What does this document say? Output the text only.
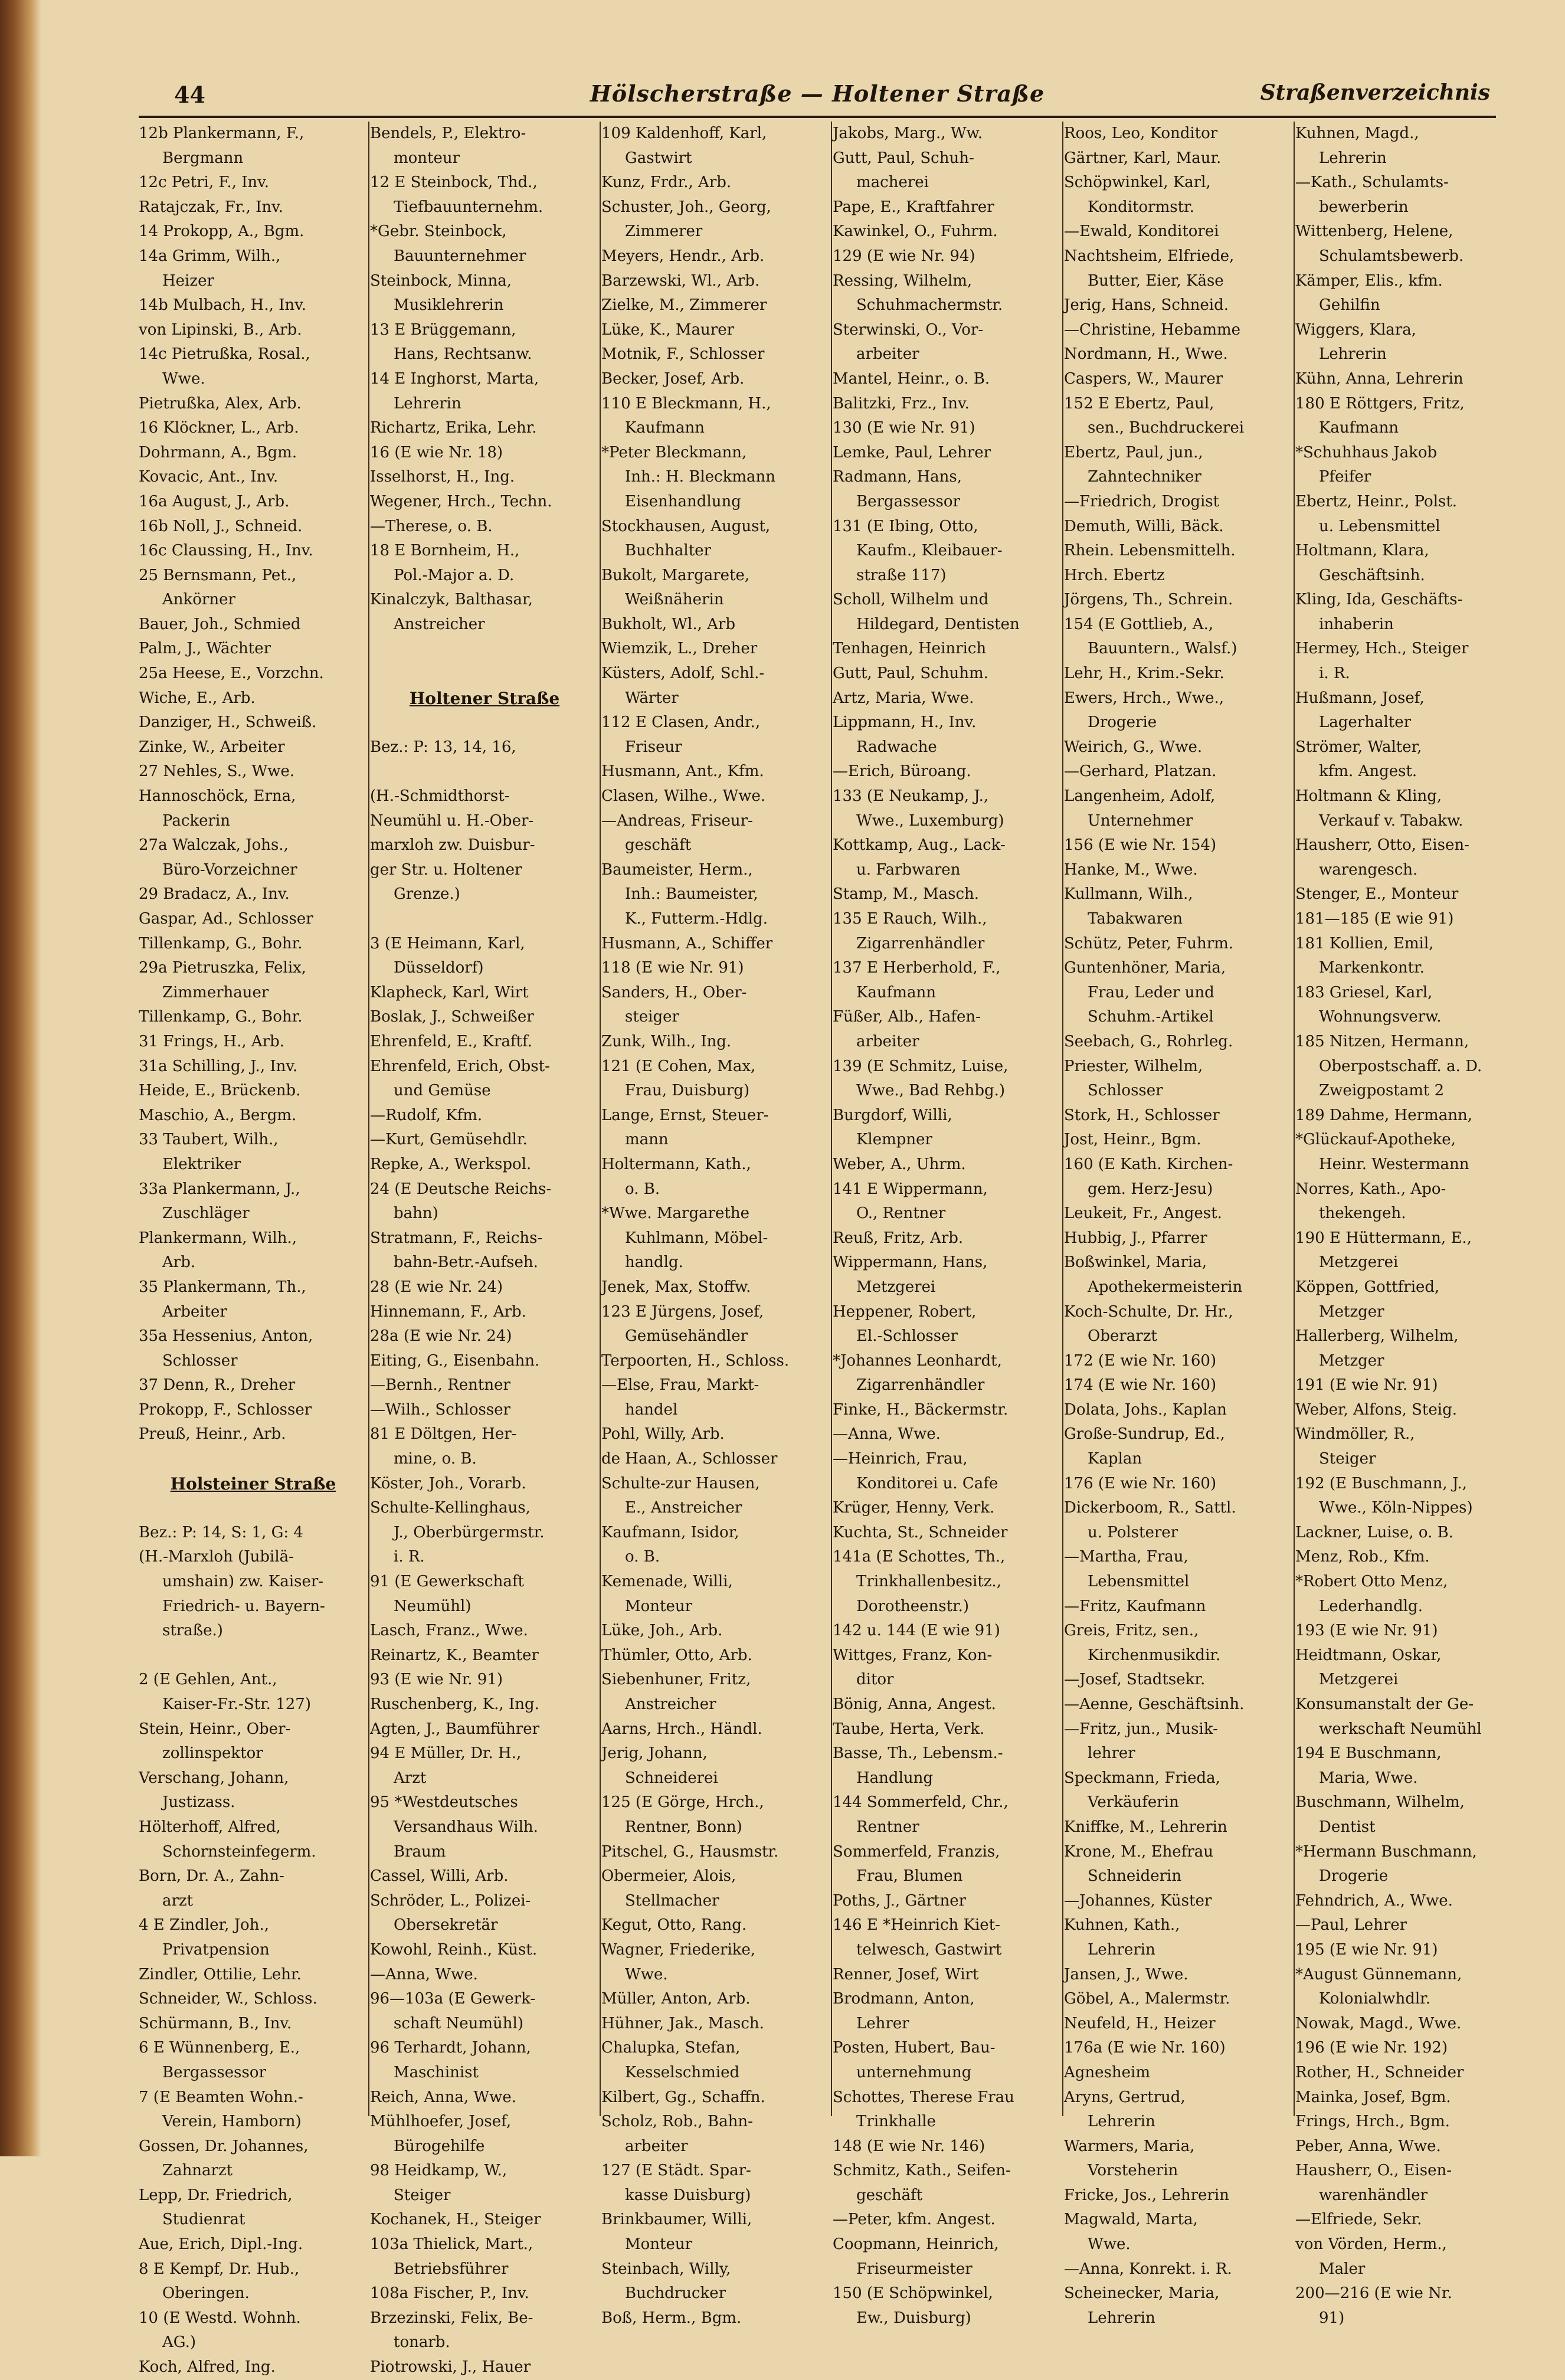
44	Hölscherstraße — Holtener Straße	Straßenverzeichnis
12b Plankermann, F.,
Bergmann
12c Petri, F., Inv.
Ratajczak, Fr., Inv.
14 Prokopp, A., Bgm.
14a Grimm, Wilh.,
Heizer
14b Mulbach, H., Inv.
von Lipinski, B., Arb.
14c Pietrußka, Rosal.,
Wwe.
Pietrußka, Alex, Arb.
16 Klöckner, L., Arb.
Dohrmann, A., Bgm.
Kovacic, Ant., Inv.
16a August, J., Arb.
16b Noll, J., Schneid.
16c Claussing, H., Inv.
25 Bernsmann, Pet.,
Ankörner
Bauer, Joh., Schmied
Palm, J., Wächter
25a Heese, E., Vorzchn.
Wiche, E., Arb.
Danziger, H., Schweiß.
Zinke, W., Arbeiter
27 Nehles, S., Wwe.
Hannoschöck, Erna,
Packerin
27a Walczak, Johs.,
Büro-Vorzeichner
29 Bradacz, A., Inv.
Gaspar, Ad., Schlosser
Tillenkamp, G., Bohr.
29a Pietruszka, Felix,
Zimmerhauer
Tillenkamp, G., Bohr.
31 Frings, H., Arb.
31a Schilling, J., Inv.
Heide, E., Brückenb.
Maschio, A., Bergm.
33 Taubert, Wilh.,
Elektriker
33a Plankermann, J.,
Zuschläger
Plankermann, Wilh.,
Arb.
35 Plankermann, Th.,
Arbeiter
35a Hessenius, Anton,
Schlosser
37 Denn, R., Dreher
Prokopp, F., Schlosser
Preuß, Heinr., Arb.

Holsteiner Straße

Bez.: P: 14, S: 1, G: 4
(H.-Marxloh (Jubilä-
umshain) zw. Kaiser-
Friedrich- u. Bayern-
straße.)

2 (E Gehlen, Ant.,
Kaiser-Fr.-Str. 127)
Stein, Heinr., Ober-
zollinspektor
Verschang, Johann,
Justizass.
Hölterhoff, Alfred,
Schornsteinfegerm.
Born, Dr. A., Zahn-
arzt
4 E Zindler, Joh.,
Privatpension
Zindler, Ottilie, Lehr.
Schneider, W., Schloss.
Schürmann, B., Inv.
6 E Wünnenberg, E.,
Bergassessor
7 (E Beamten Wohn.-
Verein, Hamborn)
Gossen, Dr. Johannes,
Zahnarzt
Lepp, Dr. Friedrich,
Studienrat
Aue, Erich, Dipl.-Ing.
8 E Kempf, Dr. Hub.,
Oberingen.
10 (E Westd. Wohnh.
AG.)
Koch, Alfred, Ing.
Bendels, P., Elektro-
monteur
12 E Steinbock, Thd.,
Tiefbauunternehm.
*Gebr. Steinbock,
Bauunternehmer
Steinbock, Minna,
Musiklehrerin
13 E Brüggemann,
Hans, Rechtsanw.
14 E Inghorst, Marta,
Lehrerin
Richartz, Erika, Lehr.
16 (E wie Nr. 18)
Isselhorst, H., Ing.
Wegener, Hrch., Techn.
—Therese, o. B.
18 E Bornheim, H.,
Pol.-Major a. D.
Kinalczyk, Balthasar,
Anstreicher

Holtener Straße

Bez.: P: 13, 14, 16,

(H.-Schmidthorst-
Neumühl u. H.-Ober-
marxloh zw. Duisbur-
ger Str. u. Holtener
Grenze.)

3 (E Heimann, Karl,
Düsseldorf)
Klapheck, Karl, Wirt
Boslak, J., Schweißer
Ehrenfeld, E., Kraftf.
Ehrenfeld, Erich, Obst-
und Gemüse
—Rudolf, Kfm.
—Kurt, Gemüsehdlr.
Repke, A., Werkspol.
24 (E Deutsche Reichs-
bahn)
Stratmann, F., Reichs-
bahn-Betr.-Aufseh.
28 (E wie Nr. 24)
Hinnemann, F., Arb.
28a (E wie Nr. 24)
Eiting, G., Eisenbahn.
—Bernh., Rentner
—Wilh., Schlosser
81 E Döltgen, Her-
mine, o. B.
Köster, Joh., Vorarb.
Schulte-Kellinghaus,
J., Oberbürgermstr.
i. R.
91 (E Gewerkschaft
Neumühl)
Lasch, Franz., Wwe.
Reinartz, K., Beamter
93 (E wie Nr. 91)
Ruschenberg, K., Ing.
Agten, J., Baumführer
94 E Müller, Dr. H.,
Arzt
95 *Westdeutsches
Versandhaus Wilh.
Braum
Cassel, Willi, Arb.
Schröder, L., Polizei-
Obersekretär
Kowohl, Reinh., Küst.
—Anna, Wwe.
96—103a (E Gewerk-
schaft Neumühl)
96 Terhardt, Johann,
Maschinist
Reich, Anna, Wwe.
Mühlhoefer, Josef,
Bürogehilfe
98 Heidkamp, W.,
Steiger
Kochanek, H., Steiger
103a Thielick, Mart.,
Betriebsführer
108a Fischer, P., Inv.
Brzezinski, Felix, Be-
tonarb.
Piotrowski, J., Hauer
109 Kaldenhoff, Karl,
Gastwirt
Kunz, Frdr., Arb.
Schuster, Joh., Georg,
Zimmerer
Meyers, Hendr., Arb.
Barzewski, Wl., Arb.
Zielke, M., Zimmerer
Lüke, K., Maurer
Motnik, F., Schlosser
Becker, Josef, Arb.
110 E Bleckmann, H.,
Kaufmann
*Peter Bleckmann,
Inh.: H. Bleckmann
Eisenhandlung
Stockhausen, August,
Buchhalter
Bukolt, Margarete,
Weißnäherin
Bukholt, Wl., Arb
Wiemzik, L., Dreher
Küsters, Adolf, Schl.-
Wärter
112 E Clasen, Andr.,
Friseur
Husmann, Ant., Kfm.
Clasen, Wilhe., Wwe.
—Andreas, Friseur-
geschäft
Baumeister, Herm.,
Inh.: Baumeister,
K., Futterm.-Hdlg.
Husmann, A., Schiffer
118 (E wie Nr. 91)
Sanders, H., Ober-
steiger
Zunk, Wilh., Ing.
121 (E Cohen, Max,
Frau, Duisburg)
Lange, Ernst, Steuer-
mann
Holtermann, Kath.,
o. B.
*Wwe. Margarethe
Kuhlmann, Möbel-
handlg.
Jenek, Max, Stoffw.
123 E Jürgens, Josef,
Gemüsehändler
Terpoorten, H., Schloss.
—Else, Frau, Markt-
handel
Pohl, Willy, Arb.
de Haan, A., Schlosser
Schulte-zur Hausen,
E., Anstreicher
Kaufmann, Isidor,
o. B.
Kemenade, Willi,
Monteur
Lüke, Joh., Arb.
Thümler, Otto, Arb.
Siebenhuner, Fritz,
Anstreicher
Aarns, Hrch., Händl.
Jerig, Johann,
Schneiderei
125 (E Görge, Hrch.,
Rentner, Bonn)
Pitschel, G., Hausmstr.
Obermeier, Alois,
Stellmacher
Kegut, Otto, Rang.
Wagner, Friederike,
Wwe.
Müller, Anton, Arb.
Hühner, Jak., Masch.
Chalupka, Stefan,
Kesselschmied
Kilbert, Gg., Schaffn.
Scholz, Rob., Bahn-
arbeiter
127 (E Städt. Spar-
kasse Duisburg)
Brinkbaumer, Willi,
Monteur
Steinbach, Willy,
Buchdrucker
Boß, Herm., Bgm.
Jakobs, Marg., Ww.
Gutt, Paul, Schuh-
macherei
Pape, E., Kraftfahrer
Kawinkel, O., Fuhrm.
129 (E wie Nr. 94)
Ressing, Wilhelm,
Schuhmachermstr.
Sterwinski, O., Vor-
arbeiter
Mantel, Heinr., o. B.
Balitzki, Frz., Inv.
130 (E wie Nr. 91)
Lemke, Paul, Lehrer
Radmann, Hans,
Bergassessor
131 (E Ibing, Otto,
Kaufm., Kleibauer-
straße 117)
Scholl, Wilhelm und
Hildegard, Dentisten
Tenhagen, Heinrich
Gutt, Paul, Schuhm.
Artz, Maria, Wwe.
Lippmann, H., Inv.
Radwache
—Erich, Büroang.
133 (E Neukamp, J.,
Wwe., Luxemburg)
Kottkamp, Aug., Lack-
u. Farbwaren
Stamp, M., Masch.
135 E Rauch, Wilh.,
Zigarrenhändler
137 E Herberhold, F.,
Kaufmann
Füßer, Alb., Hafen-
arbeiter
139 (E Schmitz, Luise,
Wwe., Bad Rehbg.)
Burgdorf, Willi,
Klempner
Weber, A., Uhrm.
141 E Wippermann,
O., Rentner
Reuß, Fritz, Arb.
Wippermann, Hans,
Metzgerei
Heppener, Robert,
El.-Schlosser
*Johannes Leonhardt,
Zigarrenhändler
Finke, H., Bäckermstr.
—Anna, Wwe.
—Heinrich, Frau,
Konditorei u. Cafe
Krüger, Henny, Verk.
Kuchta, St., Schneider
141a (E Schottes, Th.,
Trinkhallenbesitz.,
Dorotheenstr.)
142 u. 144 (E wie 91)
Wittges, Franz, Kon-
ditor
Bönig, Anna, Angest.
Taube, Herta, Verk.
Basse, Th., Lebensm.-
Handlung
144 Sommerfeld, Chr.,
Rentner
Sommerfeld, Franzis,
Frau, Blumen
Poths, J., Gärtner
146 E *Heinrich Kiet-
telwesch, Gastwirt
Renner, Josef, Wirt
Brodmann, Anton,
Lehrer
Posten, Hubert, Bau-
unternehmung
Schottes, Therese Frau
Trinkhalle
148 (E wie Nr. 146)
Schmitz, Kath., Seifen-
geschäft
—Peter, kfm. Angest.
Coopmann, Heinrich,
Friseurmeister
150 (E Schöpwinkel,
Ew., Duisburg)
Roos, Leo, Konditor
Gärtner, Karl, Maur.
Schöpwinkel, Karl,
Konditormstr.
—Ewald, Konditorei
Nachtsheim, Elfriede,
Butter, Eier, Käse
Jerig, Hans, Schneid.
—Christine, Hebamme
Nordmann, H., Wwe.
Caspers, W., Maurer
152 E Ebertz, Paul,
sen., Buchdruckerei
Ebertz, Paul, jun.,
Zahntechniker
—Friedrich, Drogist
Demuth, Willi, Bäck.
Rhein. Lebensmittelh.
Hrch. Ebertz
Jörgens, Th., Schrein.
154 (E Gottlieb, A.,
Bauuntern., Walsf.)
Lehr, H., Krim.-Sekr.
Ewers, Hrch., Wwe.,
Drogerie
Weirich, G., Wwe.
—Gerhard, Platzan.
Langenheim, Adolf,
Unternehmer
156 (E wie Nr. 154)
Hanke, M., Wwe.
Kullmann, Wilh.,
Tabakwaren
Schütz, Peter, Fuhrm.
Guntenhöner, Maria,
Frau, Leder und
Schuhm.-Artikel
Seebach, G., Rohrleg.
Priester, Wilhelm,
Schlosser
Stork, H., Schlosser
Jost, Heinr., Bgm.
160 (E Kath. Kirchen-
gem. Herz-Jesu)
Leukeit, Fr., Angest.
Hubbig, J., Pfarrer
Boßwinkel, Maria,
Apothekermeisterin
Koch-Schulte, Dr. Hr.,
Oberarzt
172 (E wie Nr. 160)
174 (E wie Nr. 160)
Dolata, Johs., Kaplan
Große-Sundrup, Ed.,
Kaplan
176 (E wie Nr. 160)
Dickerboom, R., Sattl.
u. Polsterer
—Martha, Frau,
Lebensmittel
—Fritz, Kaufmann
Greis, Fritz, sen.,
Kirchenmusikdir.
—Josef, Stadtsekr.
—Aenne, Geschäftsinh.
—Fritz, jun., Musik-
lehrer
Speckmann, Frieda,
Verkäuferin
Kniffke, M., Lehrerin
Krone, M., Ehefrau
Schneiderin
—Johannes, Küster
Kuhnen, Kath.,
Lehrerin
Jansen, J., Wwe.
Göbel, A., Malermstr.
Neufeld, H., Heizer
176a (E wie Nr. 160)
Agnesheim
Aryns, Gertrud,
Lehrerin
Warmers, Maria,
Vorsteherin
Fricke, Jos., Lehrerin
Magwald, Marta,
Wwe.
—Anna, Konrekt. i. R.
Scheinecker, Maria,
Lehrerin
Kuhnen, Magd.,
Lehrerin
—Kath., Schulamts-
bewerberin
Wittenberg, Helene,
Schulamtsbewerb.
Kämper, Elis., kfm.
Gehilfin
Wiggers, Klara,
Lehrerin
Kühn, Anna, Lehrerin
180 E Röttgers, Fritz,
Kaufmann
*Schuhhaus Jakob
Pfeifer
Ebertz, Heinr., Polst.
u. Lebensmittel
Holtmann, Klara,
Geschäftsinh.
Kling, Ida, Geschäfts-
inhaberin
Hermey, Hch., Steiger
i. R.
Hußmann, Josef,
Lagerhalter
Strömer, Walter,
kfm. Angest.
Holtmann & Kling,
Verkauf v. Tabakw.
Hausherr, Otto, Eisen-
warengesch.
Stenger, E., Monteur
181—185 (E wie 91)
181 Kollien, Emil,
Markenkontr.
183 Griesel, Karl,
Wohnungsverw.
185 Nitzen, Hermann,
Oberpostschaff. a. D.
Zweigpostamt 2
189 Dahme, Hermann,
*Glückauf-Apotheke,
Heinr. Westermann
Norres, Kath., Apo-
thekengeh.
190 E Hüttermann, E.,
Metzgerei
Köppen, Gottfried,
Metzger
Hallerberg, Wilhelm,
Metzger
191 (E wie Nr. 91)
Weber, Alfons, Steig.
Windmöller, R.,
Steiger
192 (E Buschmann, J.,
Wwe., Köln-Nippes)
Lackner, Luise, o. B.
Menz, Rob., Kfm.
*Robert Otto Menz,
Lederhandlg.
193 (E wie Nr. 91)
Heidtmann, Oskar,
Metzgerei
Konsumanstalt der Ge-
werkschaft Neumühl
194 E Buschmann,
Maria, Wwe.
Buschmann, Wilhelm,
Dentist
*Hermann Buschmann,
Drogerie
Fehndrich, A., Wwe.
—Paul, Lehrer
195 (E wie Nr. 91)
*August Günnemann,
Kolonialwhdlr.
Nowak, Magd., Wwe.
196 (E wie Nr. 192)
Rother, H., Schneider
Mainka, Josef, Bgm.
Frings, Hrch., Bgm.
Peber, Anna, Wwe.
Hausherr, O., Eisen-
warenhändler
—Elfriede, Sekr.
von Vörden, Herm.,
Maler
200—216 (E wie Nr.
91)
